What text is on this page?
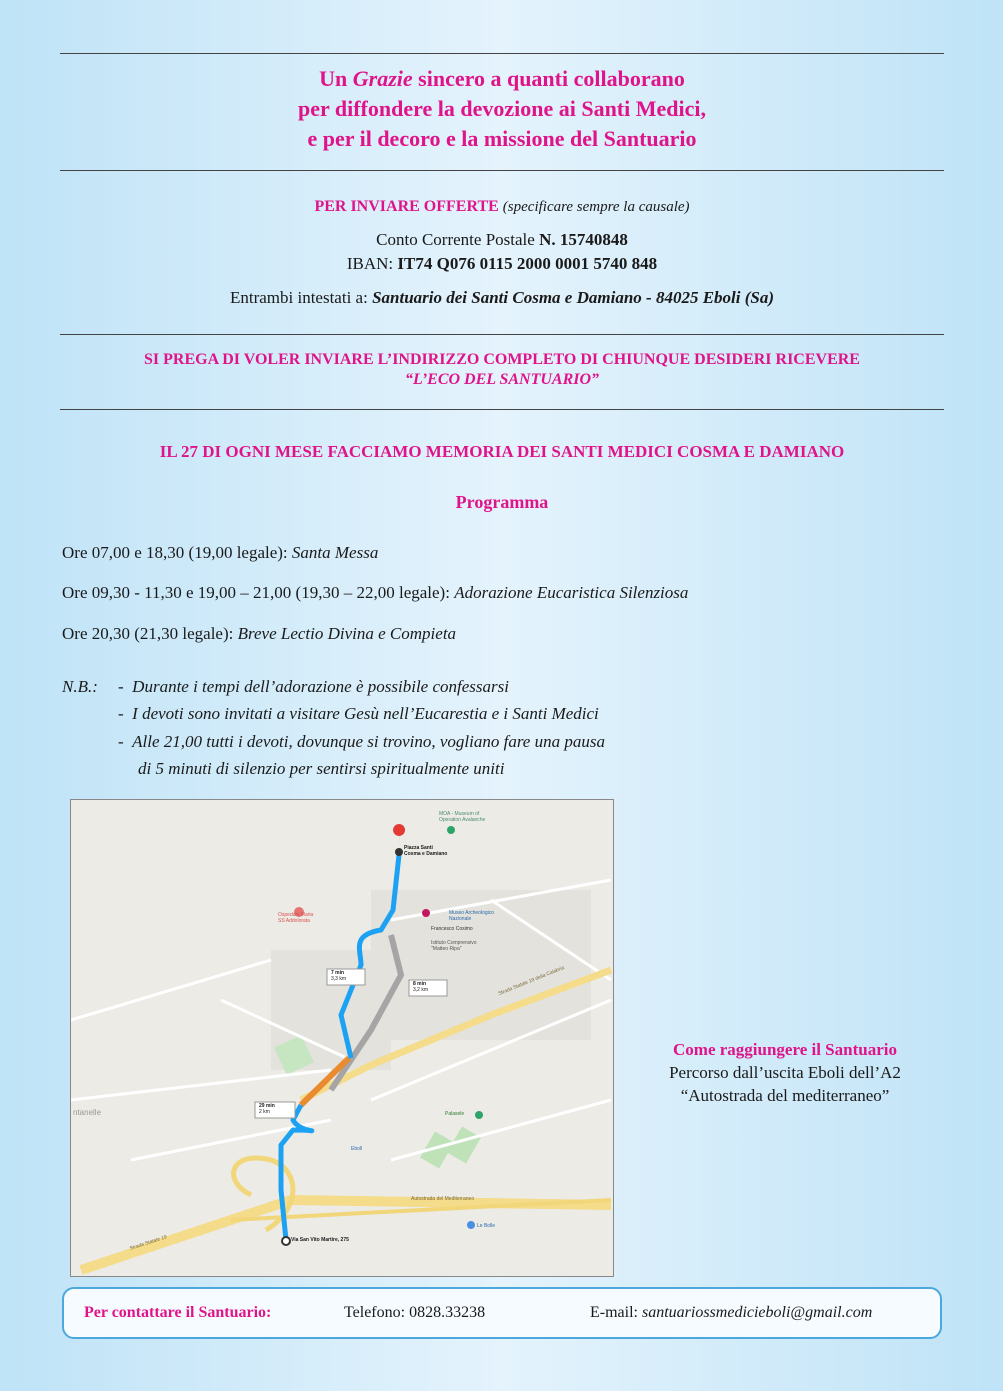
Un Grazie sincero a quanti collaborano
per diffondere la devozione ai Santi Medici,
e per il decoro e la missione del Santuario
PER INVIARE OFFERTE (specificare sempre la causale)
Conto Corrente Postale N. 15740848
IBAN: IT74 Q076 0115 2000 0001 5740 848
Entrambi intestati a: Santuario dei Santi Cosma e Damiano - 84025 Eboli (Sa)
SI PREGA DI VOLER INVIARE L’INDIRIZZO COMPLETO DI CHIUNQUE DESIDERI RICEVERE
“L’ECO DEL SANTUARIO”
IL 27 DI OGNI MESE FACCIAMO MEMORIA DEI SANTI MEDICI COSMA E DAMIANO
Programma
Ore 07,00 e 18,30 (19,00 legale): Santa Messa
Ore 09,30 - 11,30 e 19,00 – 21,00 (19,30 – 22,00 legale): Adorazione Eucaristica Silenziosa
Ore 20,30 (21,30 legale): Breve Lectio Divina e Compieta
N.B.: -  Durante i tempi dell’adorazione è possibile confessarsi
-  I devoti sono invitati a visitare Gesù nell’Eucarestia e i Santi Medici
-  Alle 21,00 tutti i devoti, dovunque si trovino, vogliano fare una pausa
di 5 minuti di silenzio per sentirsi spiritualmente uniti
Piazza Santi
Cosma e Damiano
MOA - Museum of
Operation Avalanche
Ospedale Maria
SS Addolorata
Museo Archeologico
Nazionale
Francesco Cosimo
Istituto Comprensivo
"Matteo Ripa"
7 min
3,3 km
8 min
3,2 km
29 min
2 km
Via San Vito Martire, 275
Palasele
Ebolì
Le Bolle
Autostrada del Mediterraneo
Strada Statale 19
Strada Statale 19 della Calabria
ntanelle
Come raggiungere il Santuario
Percorso dall’uscita Eboli dell’A2
“Autostrada del mediterraneo”
Per contattare il Santuario:	Telefono: 0828.33238	E-mail: santuariossmedicieboli@gmail.com
